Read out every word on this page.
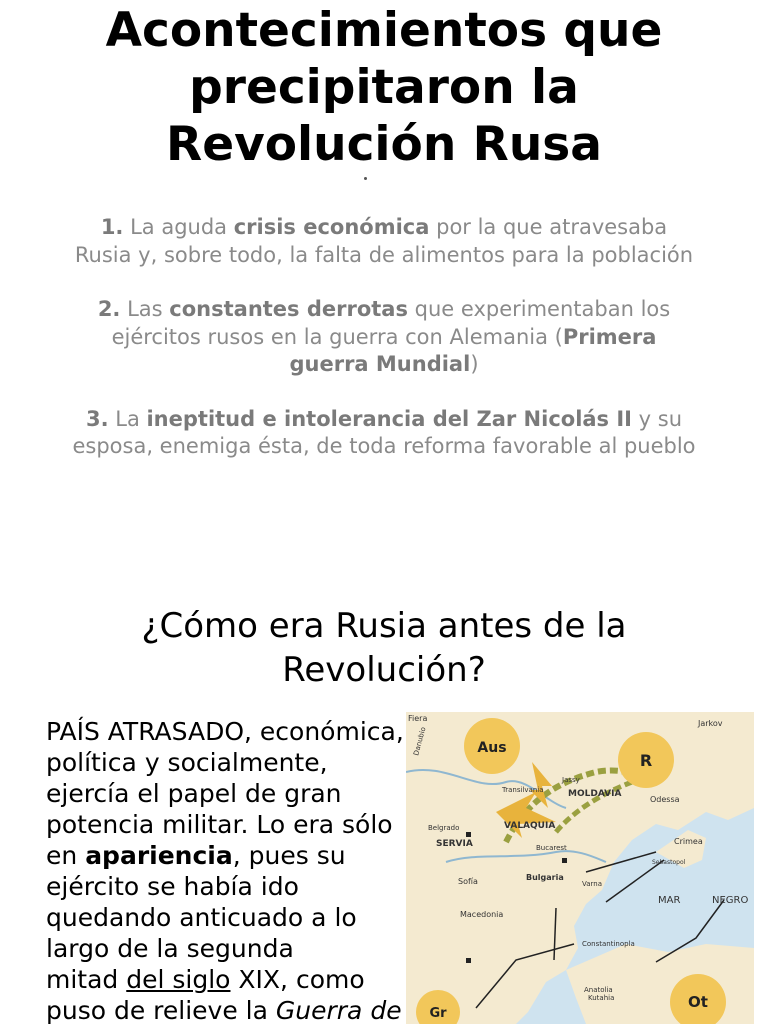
Acontecimientos que
precipitaron la
Revolución Rusa

1. La aguda crisis económica por la que atravesaba
Rusia y, sobre todo, la falta de alimentos para la población

2. Las constantes derrotas que experimentaban los
ejércitos rusos en la guerra con Alemania (Primera
guerra Mundial)

3. La ineptitud e intolerancia del Zar Nicolás II y su
esposa, enemiga ésta, de toda reforma favorable al pueblo

¿Cómo era Rusia antes de la
Revolución?
PAÍS ATRASADO, económica,
política y socialmente,
ejercía el papel de gran
potencia militar. Lo era sólo
en apariencia, pues su
ejército se había ido
quedando anticuado a lo
largo de la segunda
mitad del siglo XIX, como
puso de relieve la Guerra de
Aus
R
Gr
Ot
Fiera
Jarkov
MOLDAVIA
VALAQUIA
Transilvania
Jassy
Odessa
SERVIA
Belgrado
Bucarest
Sofía	Bulgaria
Varna
Macedonia
MAR	NEGRO
Crimea
Sebastopol
Constantinopla
Anatolia
Kutahia
Danubio
